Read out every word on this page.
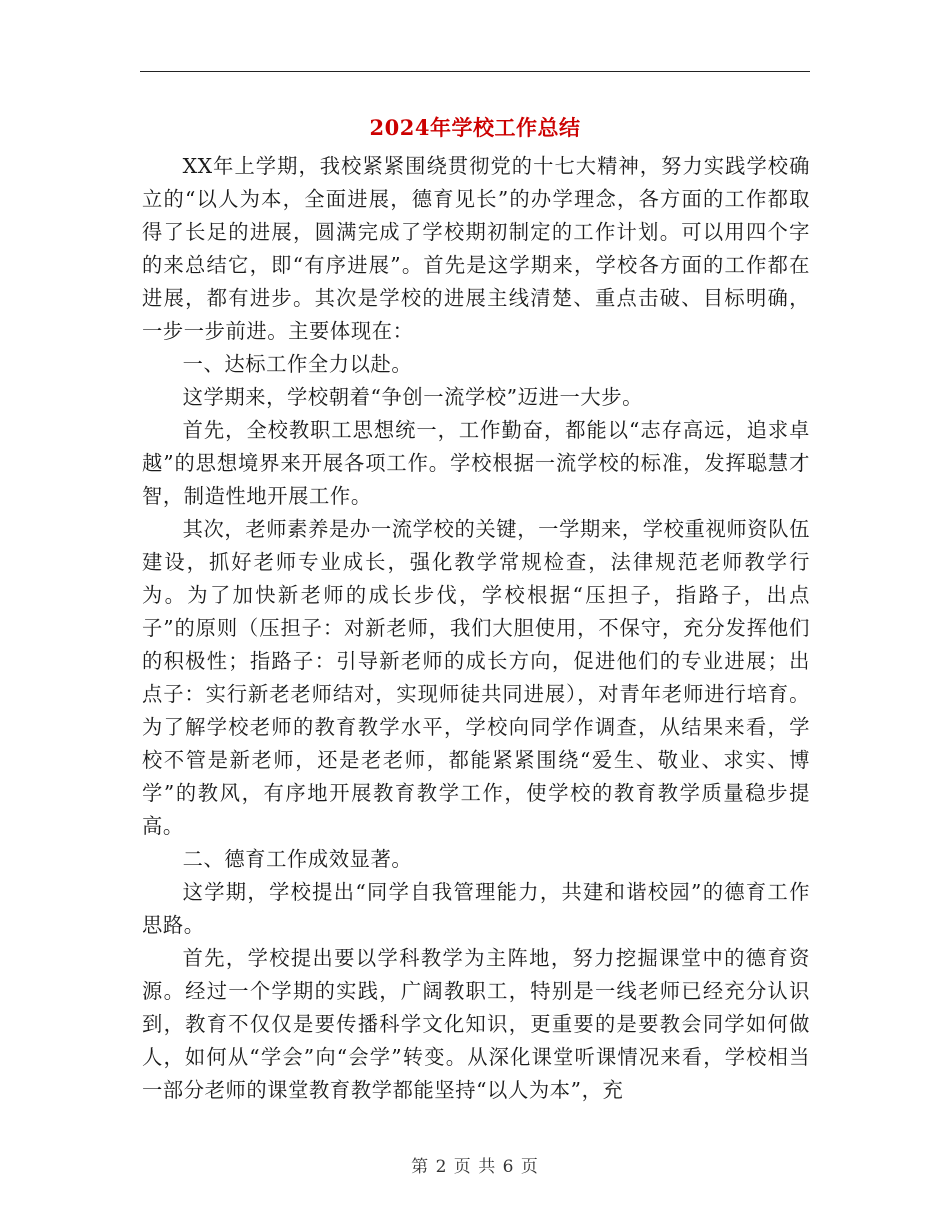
2024年学校工作总结

XX年上学期，我校紧紧围绕贯彻党的十七大精神，努力实践学校确立的“以人为本，全面进展，德育见长”的办学理念，各方面的工作都取得了长足的进展，圆满完成了学校期初制定的工作计划。可以用四个字的来总结它，即“有序进展”。首先是这学期来，学校各方面的工作都在进展，都有进步。其次是学校的进展主线清楚、重点击破、目标明确，一步一步前进。主要体现在：

一、达标工作全力以赴。

这学期来，学校朝着“争创一流学校”迈进一大步。

首先，全校教职工思想统一，工作勤奋，都能以“志存高远，追求卓越”的思想境界来开展各项工作。学校根据一流学校的标准，发挥聪慧才智，制造性地开展工作。

其次，老师素养是办一流学校的关键，一学期来，学校重视师资队伍建设，抓好老师专业成长，强化教学常规检查，法律规范老师教学行为。为了加快新老师的成长步伐，学校根据“压担子，指路子，出点子”的原则（压担子：对新老师，我们大胆使用，不保守，充分发挥他们的积极性；指路子：引导新老师的成长方向，促进他们的专业进展；出点子：实行新老老师结对，实现师徒共同进展），对青年老师进行培育。为了解学校老师的教育教学水平，学校向同学作调查，从结果来看，学校不管是新老师，还是老老师，都能紧紧围绕“爱生、敬业、求实、博学”的教风，有序地开展教育教学工作，使学校的教育教学质量稳步提高。

二、德育工作成效显著。

这学期，学校提出“同学自我管理能力，共建和谐校园”的德育工作思路。

首先，学校提出要以学科教学为主阵地，努力挖掘课堂中的德育资源。经过一个学期的实践，广阔教职工，特别是一线老师已经充分认识到，教育不仅仅是要传播科学文化知识，更重要的是要教会同学如何做人，如何从“学会”向“会学”转变。从深化课堂听课情况来看，学校相当一部分老师的课堂教育教学都能坚持“以人为本”，充

第 2 页 共 6 页
